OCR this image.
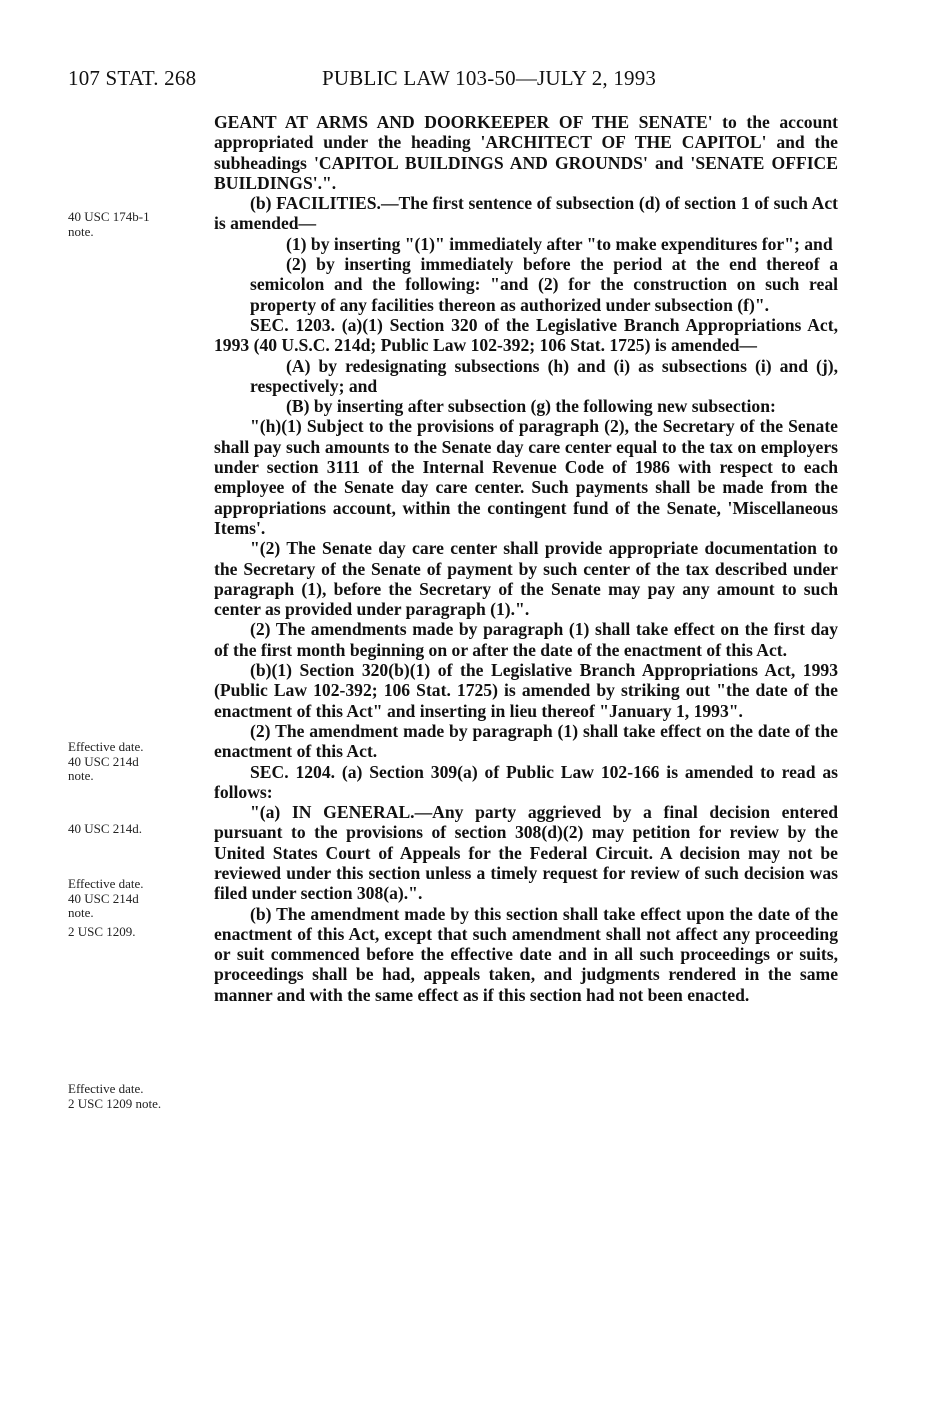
107 STAT. 268	PUBLIC LAW 103-50—JULY 2, 1993
40 USC 174b-1
note.
Effective date.
40 USC 214d
note.
40 USC 214d.
Effective date.
40 USC 214d
note.
2 USC 1209.
Effective date.
2 USC 1209 note.

GEANT AT ARMS AND DOORKEEPER OF THE SENATE' to the account appropriated under the heading 'ARCHITECT OF THE CAPITOL' and the subheadings 'CAPITOL BUILDINGS AND GROUNDS' and 'SENATE OFFICE BUILDINGS'.".

(b) FACILITIES.—The first sentence of subsection (d) of section 1 of such Act is amended—

(1) by inserting "(1)" immediately after "to make expenditures for"; and

(2) by inserting immediately before the period at the end thereof a semicolon and the following: "and (2) for the construction on such real property of any facilities thereon as authorized under subsection (f)".

SEC. 1203. (a)(1) Section 320 of the Legislative Branch Appropriations Act, 1993 (40 U.S.C. 214d; Public Law 102-392; 106 Stat. 1725) is amended—

(A) by redesignating subsections (h) and (i) as subsections (i) and (j), respectively; and

(B) by inserting after subsection (g) the following new subsection:

"(h)(1) Subject to the provisions of paragraph (2), the Secretary of the Senate shall pay such amounts to the Senate day care center equal to the tax on employers under section 3111 of the Internal Revenue Code of 1986 with respect to each employee of the Senate day care center. Such payments shall be made from the appropriations account, within the contingent fund of the Senate, 'Miscellaneous Items'.

"(2) The Senate day care center shall provide appropriate documentation to the Secretary of the Senate of payment by such center of the tax described under paragraph (1), before the Secretary of the Senate may pay any amount to such center as provided under paragraph (1).".

(2) The amendments made by paragraph (1) shall take effect on the first day of the first month beginning on or after the date of the enactment of this Act.

(b)(1) Section 320(b)(1) of the Legislative Branch Appropriations Act, 1993 (Public Law 102-392; 106 Stat. 1725) is amended by striking out "the date of the enactment of this Act" and inserting in lieu thereof "January 1, 1993".

(2) The amendment made by paragraph (1) shall take effect on the date of the enactment of this Act.

SEC. 1204. (a) Section 309(a) of Public Law 102-166 is amended to read as follows:

"(a) IN GENERAL.—Any party aggrieved by a final decision entered pursuant to the provisions of section 308(d)(2) may petition for review by the United States Court of Appeals for the Federal Circuit. A decision may not be reviewed under this section unless a timely request for review of such decision was filed under section 308(a).".

(b) The amendment made by this section shall take effect upon the date of the enactment of this Act, except that such amendment shall not affect any proceeding or suit commenced before the effective date and in all such proceedings or suits, proceedings shall be had, appeals taken, and judgments rendered in the same manner and with the same effect as if this section had not been enacted.
